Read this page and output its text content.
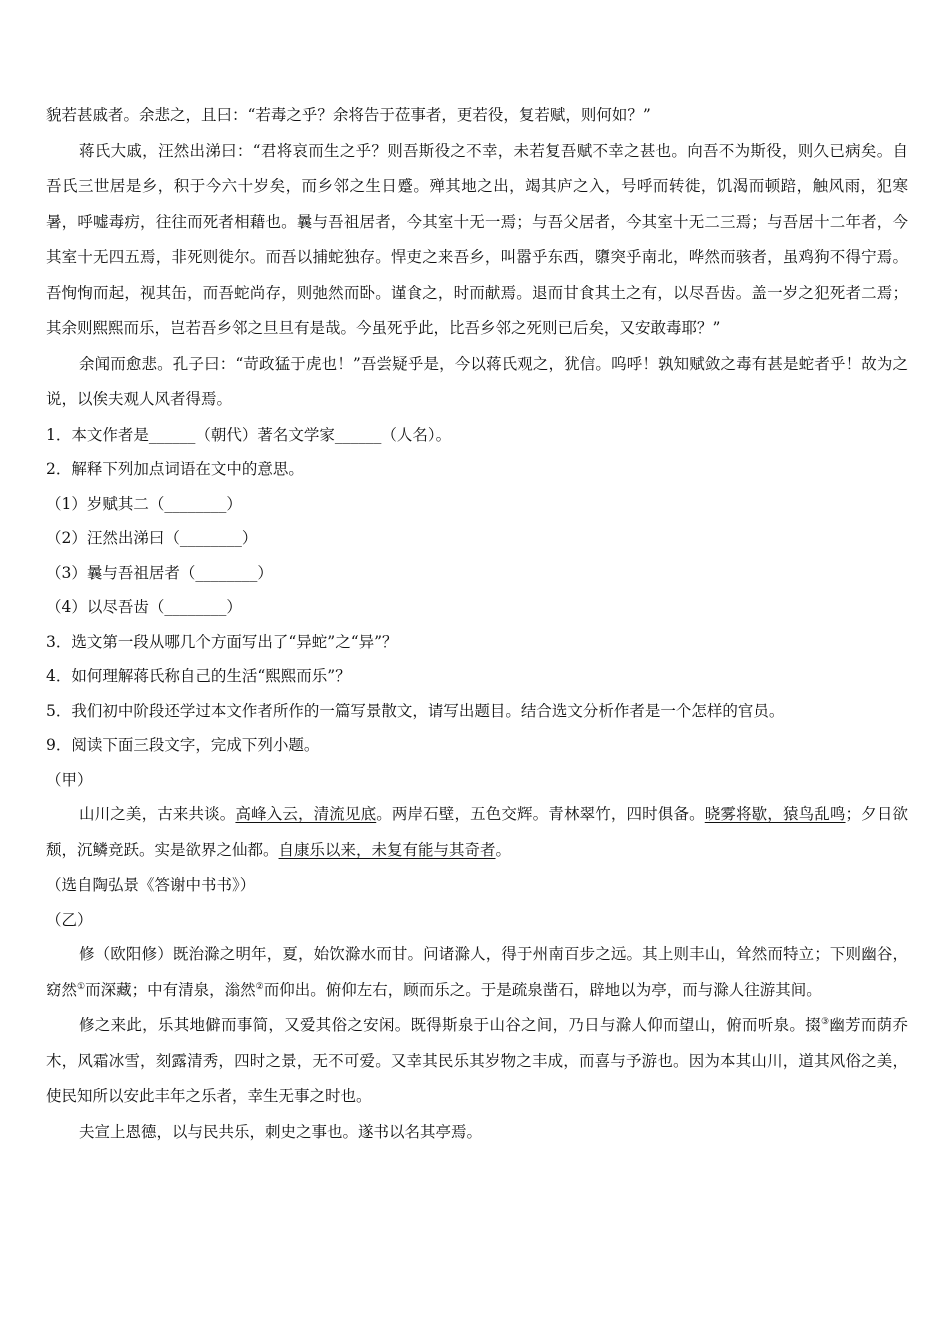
貌若甚戚者。余悲之，且曰：“若毒之乎？余将告于莅事者，更若役，复若赋，则何如？”

蒋氏大戚，汪然出涕曰：“君将哀而生之乎？则吾斯役之不幸，未若复吾赋不幸之甚也。向吾不为斯役，则久已病矣。自吾氏三世居是乡，积于今六十岁矣，而乡邻之生日蹙。殚其地之出，竭其庐之入，号呼而转徙，饥渴而顿踣，触风雨，犯寒暑，呼嘘毒疠，往往而死者相藉也。曩与吾祖居者，今其室十无一焉；与吾父居者，今其室十无二三焉；与吾居十二年者，今其室十无四五焉，非死则徙尔。而吾以捕蛇独存。悍吏之来吾乡，叫嚣乎东西，隳突乎南北，哗然而骇者，虽鸡狗不得宁焉。吾恂恂而起，视其缶，而吾蛇尚存，则弛然而卧。谨食之，时而献焉。退而甘食其土之有，以尽吾齿。盖一岁之犯死者二焉；其余则熙熙而乐，岂若吾乡邻之旦旦有是哉。今虽死乎此，比吾乡邻之死则已后矣，又安敢毒耶？”

余闻而愈悲。孔子曰：“苛政猛于虎也！”吾尝疑乎是，今以蒋氏观之，犹信。呜呼！孰知赋敛之毒有甚是蛇者乎！故为之说，以俟夫观人风者得焉。

1．本文作者是______（朝代）著名文学家______（人名）。
2．解释下列加点词语在文中的意思。
（1）岁赋其二（________）
（2）汪然出涕曰（________）
（3）曩与吾祖居者（________）
（4）以尽吾齿（________）
3．选文第一段从哪几个方面写出了“异蛇”之“异”？
4．如何理解蒋氏称自己的生活“熙熙而乐”？
5．我们初中阶段还学过本文作者所作的一篇写景散文，请写出题目。结合选文分析作者是一个怎样的官员。
9．阅读下面三段文字，完成下列小题。
（甲）

山川之美，古来共谈。高峰入云，清流见底。两岸石壁，五色交辉。青林翠竹，四时俱备。晓雾将歇，猿鸟乱鸣；夕日欲颓，沉鳞竞跃。实是欲界之仙都。自康乐以来，未复有能与其奇者。

（选自陶弘景《答谢中书书》）
（乙）

修（欧阳修）既治滁之明年，夏，始饮滁水而甘。问诸滁人，得于州南百步之远。其上则丰山，耸然而特立；下则幽谷，窈然①而深藏；中有清泉，滃然②而仰出。俯仰左右，顾而乐之。于是疏泉凿石，辟地以为亭，而与滁人往游其间。

修之来此，乐其地僻而事简，又爱其俗之安闲。既得斯泉于山谷之间，乃日与滁人仰而望山，俯而听泉。掇③幽芳而荫乔木，风霜冰雪，刻露清秀，四时之景，无不可爱。又幸其民乐其岁物之丰成，而喜与予游也。因为本其山川，道其风俗之美，使民知所以安此丰年之乐者，幸生无事之时也。

夫宣上恩德，以与民共乐，刺史之事也。遂书以名其亭焉。
